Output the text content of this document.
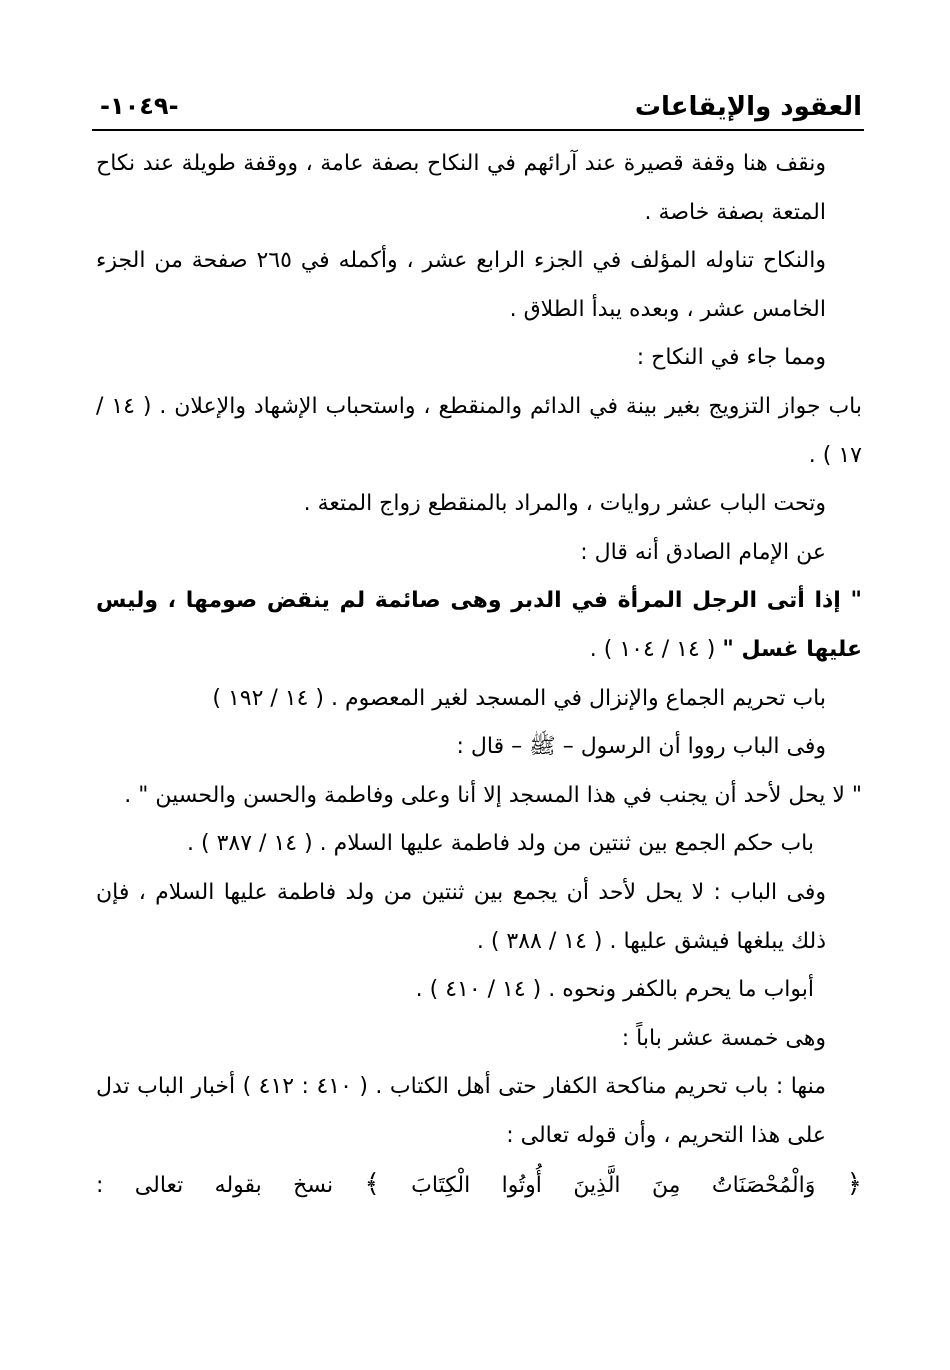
العقود والإيقاعات
-١٠٤٩-

ونقف هنا وقفة قصيرة عند آرائهم في النكاح بصفة عامة ، ووقفة طويلة عند نكاح المتعة بصفة خاصة .

والنكاح تناوله المؤلف في الجزء الرابع عشر ، وأكمله في ٢٦٥ صفحة من الجزء الخامس عشر ، وبعده يبدأ الطلاق .

ومما جاء في النكاح :

باب جواز التزويج بغير بينة في الدائم والمنقطع ، واستحباب الإشهاد والإعلان . ( ١٤ / ١٧ ) .

وتحت الباب عشر روايات ، والمراد بالمنقطع زواج المتعة .

عن الإمام الصادق أنه قال :

" إذا أتى الرجل المرأة في الدبر وهى صائمة لم ينقض صومها ، وليس عليها غسل " ( ١٤ / ١٠٤ ) .

باب تحريم الجماع والإنزال في المسجد لغير المعصوم . ( ١٤ / ١٩٢ )

وفى الباب رووا أن الرسول – ﷺ – قال :

" لا يحل لأحد أن يجنب في هذا المسجد إلا أنا وعلى وفاطمة والحسن والحسين " .

باب حكم الجمع بين ثنتين من ولد فاطمة عليها السلام . ( ١٤ / ٣٨٧ ) .

وفى الباب : لا يحل لأحد أن يجمع بين ثنتين من ولد فاطمة عليها السلام ، فإن ذلك يبلغها فيشق عليها . ( ١٤ / ٣٨٨ ) .

أبواب ما يحرم بالكفر ونحوه . ( ١٤ / ٤١٠ ) .

وهى خمسة عشر باباً :

منها : باب تحريم مناكحة الكفار حتى أهل الكتاب . ( ٤١٠ : ٤١٢ ) أخبار الباب تدل على هذا التحريم ، وأن قوله تعالى :

﴿ وَالْمُحْصَنَاتُ مِنَ الَّذِينَ أُوتُوا الْكِتَابَ ﴾ نسخ بقوله تعالى :
